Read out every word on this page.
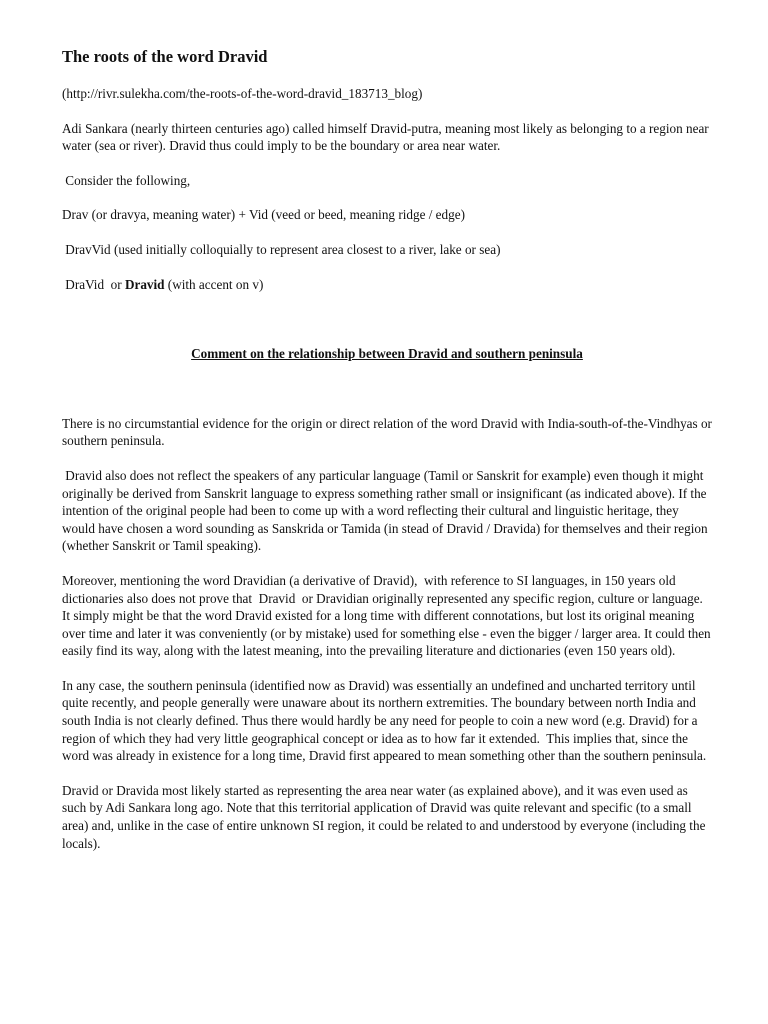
The roots of the word Dravid

(http://rivr.sulekha.com/the-roots-of-the-word-dravid_183713_blog)

Adi Sankara (nearly thirteen centuries ago) called himself Dravid-putra, meaning most likely as belonging to a region near water (sea or river). Dravid thus could imply to be the boundary or area near water.

Consider the following,

Drav (or dravya, meaning water) + Vid (veed or beed, meaning ridge / edge)

DravVid (used initially colloquially to represent area closest to a river, lake or sea)

DraVid  or Dravid (with accent on v)

Comment on the relationship between Dravid and southern peninsula

There is no circumstantial evidence for the origin or direct relation of the word Dravid with India-south-of-the-Vindhyas or southern peninsula.

Dravid also does not reflect the speakers of any particular language (Tamil or Sanskrit for example) even though it might originally be derived from Sanskrit language to express something rather small or insignificant (as indicated above). If the intention of the original people had been to come up with a word reflecting their cultural and linguistic heritage, they would have chosen a word sounding as Sanskrida or Tamida (in stead of Dravid / Dravida) for themselves and their region (whether Sanskrit or Tamil speaking).

Moreover, mentioning the word Dravidian (a derivative of Dravid),  with reference to SI languages, in 150 years old dictionaries also does not prove that  Dravid  or Dravidian originally represented any specific region, culture or language.  It simply might be that the word Dravid existed for a long time with different connotations, but lost its original meaning over time and later it was conveniently (or by mistake) used for something else - even the bigger / larger area. It could then easily find its way, along with the latest meaning, into the prevailing literature and dictionaries (even 150 years old).

In any case, the southern peninsula (identified now as Dravid) was essentially an undefined and uncharted territory until quite recently, and people generally were unaware about its northern extremities. The boundary between north India and south India is not clearly defined. Thus there would hardly be any need for people to coin a new word (e.g. Dravid) for a region of which they had very little geographical concept or idea as to how far it extended.  This implies that, since the word was already in existence for a long time, Dravid first appeared to mean something other than the southern peninsula.

Dravid or Dravida most likely started as representing the area near water (as explained above), and it was even used as such by Adi Sankara long ago. Note that this territorial application of Dravid was quite relevant and specific (to a small area) and, unlike in the case of entire unknown SI region, it could be related to and understood by everyone (including the locals).
